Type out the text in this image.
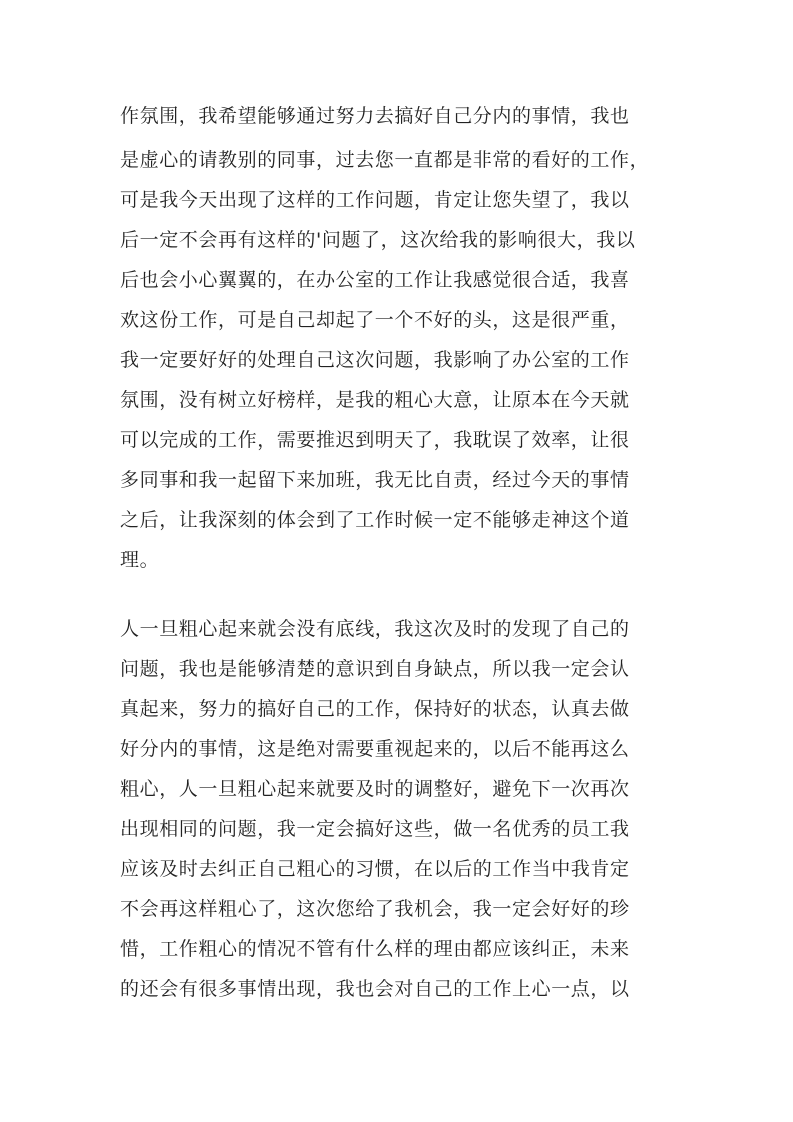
作氛围，我希望能够通过努力去搞好自己分内的事情，我也
是虚心的请教别的同事，过去您一直都是非常的看好的工作，
可是我今天出现了这样的工作问题，肯定让您失望了，我以
后一定不会再有这样的'问题了，这次给我的影响很大，我以
后也会小心翼翼的，在办公室的工作让我感觉很合适，我喜
欢这份工作，可是自己却起了一个不好的头，这是很严重，
我一定要好好的处理自己这次问题，我影响了办公室的工作
氛围，没有树立好榜样，是我的粗心大意，让原本在今天就
可以完成的工作，需要推迟到明天了，我耽误了效率，让很
多同事和我一起留下来加班，我无比自责，经过今天的事情
之后，让我深刻的体会到了工作时候一定不能够走神这个道
理。
人一旦粗心起来就会没有底线，我这次及时的发现了自己的
问题，我也是能够清楚的意识到自身缺点，所以我一定会认
真起来，努力的搞好自己的工作，保持好的状态，认真去做
好分内的事情，这是绝对需要重视起来的，以后不能再这么
粗心，人一旦粗心起来就要及时的调整好，避免下一次再次
出现相同的问题，我一定会搞好这些，做一名优秀的员工我
应该及时去纠正自己粗心的习惯，在以后的工作当中我肯定
不会再这样粗心了，这次您给了我机会，我一定会好好的珍
惜，工作粗心的情况不管有什么样的理由都应该纠正，未来
的还会有很多事情出现，我也会对自己的工作上心一点，以
